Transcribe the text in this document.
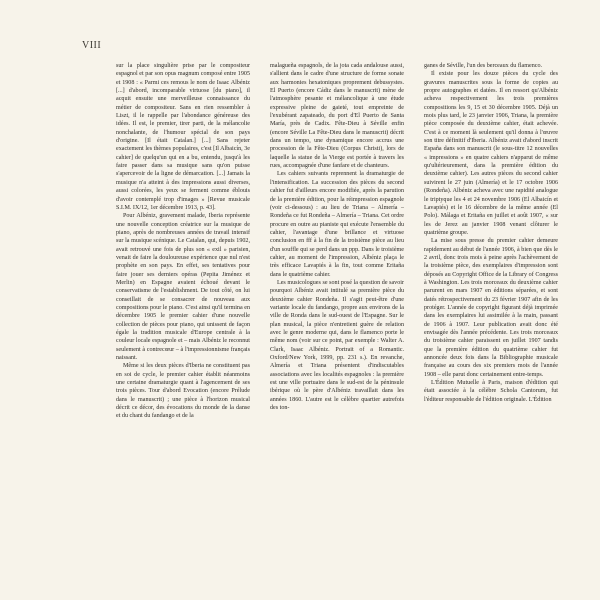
VIII

sur la place singulière prise par le compositeur espagnol et par son opus magnum composé entre 1905 et 1908 : « Parmi ces remous le nom de Isaac Albéniz [...] d'abord, incomparable virtuose [du piano], il acquit ensuite une merveilleuse connaissance du métier de compositeur. Sans en rien ressembler à Liszt, il le rappelle par l'abondance généreuse des idées. Il est, le premier, tirer parti, de la mélancolie nonchalante, de l'humour spécial de son pays d'origine. [Il était Catalan.] [...] Sans rejeter exactement les thèmes populaires, c'est [Il Albaicín, 3e cahier] de quelqu'un qui en a bu, entendu, jusqu'à les faire passer dans sa musique sans qu'on puisse s'apercevoir de la ligne de démarcation. [...] Jamais la musique n'a atteint à des impressions aussi diverses, aussi colorées, les yeux se ferment comme éblouis d'avoir contemplé trop d'images » [Revue musicale S.I.M. IX/12, 1er décembre 1913, p. 43].

Pour Albéniz, gravement malade, Iberia représente une nouvelle conception créatrice sur la musique de piano, après de nombreuses années de travail intensif sur la musique scénique. Le Catalan, qui, depuis 1902, avait retrouvé une fois de plus son « exil » parisien, venait de faire la douloureuse expérience que nul n'est prophète en son pays. En effet, ses tentatives pour faire jouer ses derniers opéras (Pepita Jiménez et Merlin) en Espagne avaient échoué devant le conservatisme de l'establishment. De tout côté, on lui conseillait de se consacrer de nouveau aux compositions pour le piano. C'est ainsi qu'il termina en décembre 1905 le premier cahier d'une nouvelle collection de pièces pour piano, qui unissent de façon égale la tradition musicale d'Europe centrale à la couleur locale espagnole et – mais Albéniz le reconnut seulement à contrecœur – à l'impressionnisme français naissant.

Même si les deux pièces d'Iberia ne constituent pas en soi de cycle, le premier cahier établit néanmoins une certaine dramaturgie quant à l'agencement de ses trois pièces. Tour d'abord Evocation (encore Prélude dans le manuscrit) ; une pièce à l'horizon musical décrit ce décor, des évocations du monde de la danse et du chant du fandango et de la

malagueña espagnols, de la jota cada andalouse aussi, s'allient dans le cadre d'une structure de forme sonate aux harmonies hexatoniques proprement debussystes. El Puerto (encore Cádiz dans le manuscrit) mène de l'atmosphère pesante et mélancolique à une étude expressive pleine de gaieté, tout empreinte de l'exubérant zapateado, du port d'El Puerto de Santa María, près de Cadix. Fête-Dieu à Séville enfin (encore Séville La Fête-Dieu dans le manuscrit) décrit dans un tempo, une dynamique encore accrus une procession de la Fête-Dieu (Corpus Christi), lors de laquelle la statue de la Vierge est portée à travers les rues, accompagnée d'une fanfare et de chanteurs.

Les cahiers suivants reprennent la dramaturgie de l'intensification. La succession des pièces du second cahier fut d'ailleurs encore modifiée, après la parution de la première édition, pour la réimpression espagnole (voir ci-dessous) : au lieu de Triana – Almería – Rondeña ce fut Rondeña – Almería – Triana. Cet ordre procure en outre au pianiste qui exécute l'ensemble du cahier, l'avantage d'une brillance et virtuose conclusion en fff à la fin de la troisième pièce au lieu d'un souffle qui se perd dans un ppp. Dans le troisième cahier, au moment de l'impression, Albéniz plaça le très efficace Lavapiés à la fin, tout comme Eritaña dans le quatrième cahier.

Les musicologues se sont posé la question de savoir pourquoi Albéniz avait intitulé sa première pièce du deuxième cahier Rondeña. Il s'agit peut-être d'une variante locale du fandango, propre aux environs de la ville de Ronda dans le sud-ouest de l'Espagne. Sur le plan musical, la pièce n'entretient guère de relation avec le genre moderne qui, dans le flamenco porte le même nom (voir sur ce point, par exemple : Walter A. Clark, Isaac Albéniz. Portrait of a Romantic. Oxford/New York, 1999, pp. 231 s.). En revanche, Almería et Triana présentent d'indiscutables associations avec les localités espagnoles : la première est une ville portuaire dans le sud-est de la péninsule ibérique où le père d'Albéniz travaillait dans les années 1860. L'autre est le célèbre quartier autrefois des ton-

ganes de Séville, l'un des berceaux du flamenco.

Il existe pour les douze pièces du cycle des gravures manuscrites sous la forme de copies au propre autographes et datées. Il en ressort qu'Albéniz acheva respectivement les trois premières compositions les 9, 15 et 30 décembre 1905. Déjà un mois plus tard, le 23 janvier 1906, Triana, la première pièce composée du deuxième cahier, était achevée. C'est à ce moment là seulement qu'il donna à l'œuvre son titre définitif d'Iberia. Albéniz avait d'abord inscrit España dans son manuscrit (le sous-titre 12 nouvelles « impressions » en quatre cahiers n'apparut de même qu'ultérieurement, dans la première édition du deuxième cahier). Les autres pièces du second cahier suivirent le 27 juin (Almería) et le 17 octobre 1906 (Rondeña). Albéniz acheva avec une rapidité analogue le triptyque les 4 et 24 novembre 1906 (El Albaicín et Lavapiés) et le 16 décembre de la même année (El Polo). Málaga et Eritaña en juillet et août 1907, « sur les de Jerez au janvier 1908 venant clôturer le quatrième groupe.

La mise sous presse du premier cahier demeure rapidement au début de l'année 1906, à bien que dès le 2 avril, donc trois mois à peine après l'achèvement de la troisième pièce, des exemplaires d'impression sont déposés au Copyright Office de la Library of Congress à Washington. Les trois morceaux du deuxième cahier parurent en mars 1907 en éditions séparées, et sont datés rétrospectivement du 23 février 1907 afin de les protéger. L'année de copyright figurant déjà imprimée dans les exemplaires lui assimilée à la main, passant de 1906 à 1907. Leur publication avait donc été envisagée dès l'année précédente. Les trois morceaux du troisième cahier paraissent en juillet 1907 tandis que la première édition du quatrième cahier fut annoncée deux fois dans la Bibliographie musicale française au cours des six premiers mois de l'année 1908 – elle parut donc certainement entre-temps.

L'Édition Mutuelle à Paris, maison d'édition qui était associée à la célèbre Schola Cantorum, fut l'éditeur responsable de l'édition originale. L'Édition
